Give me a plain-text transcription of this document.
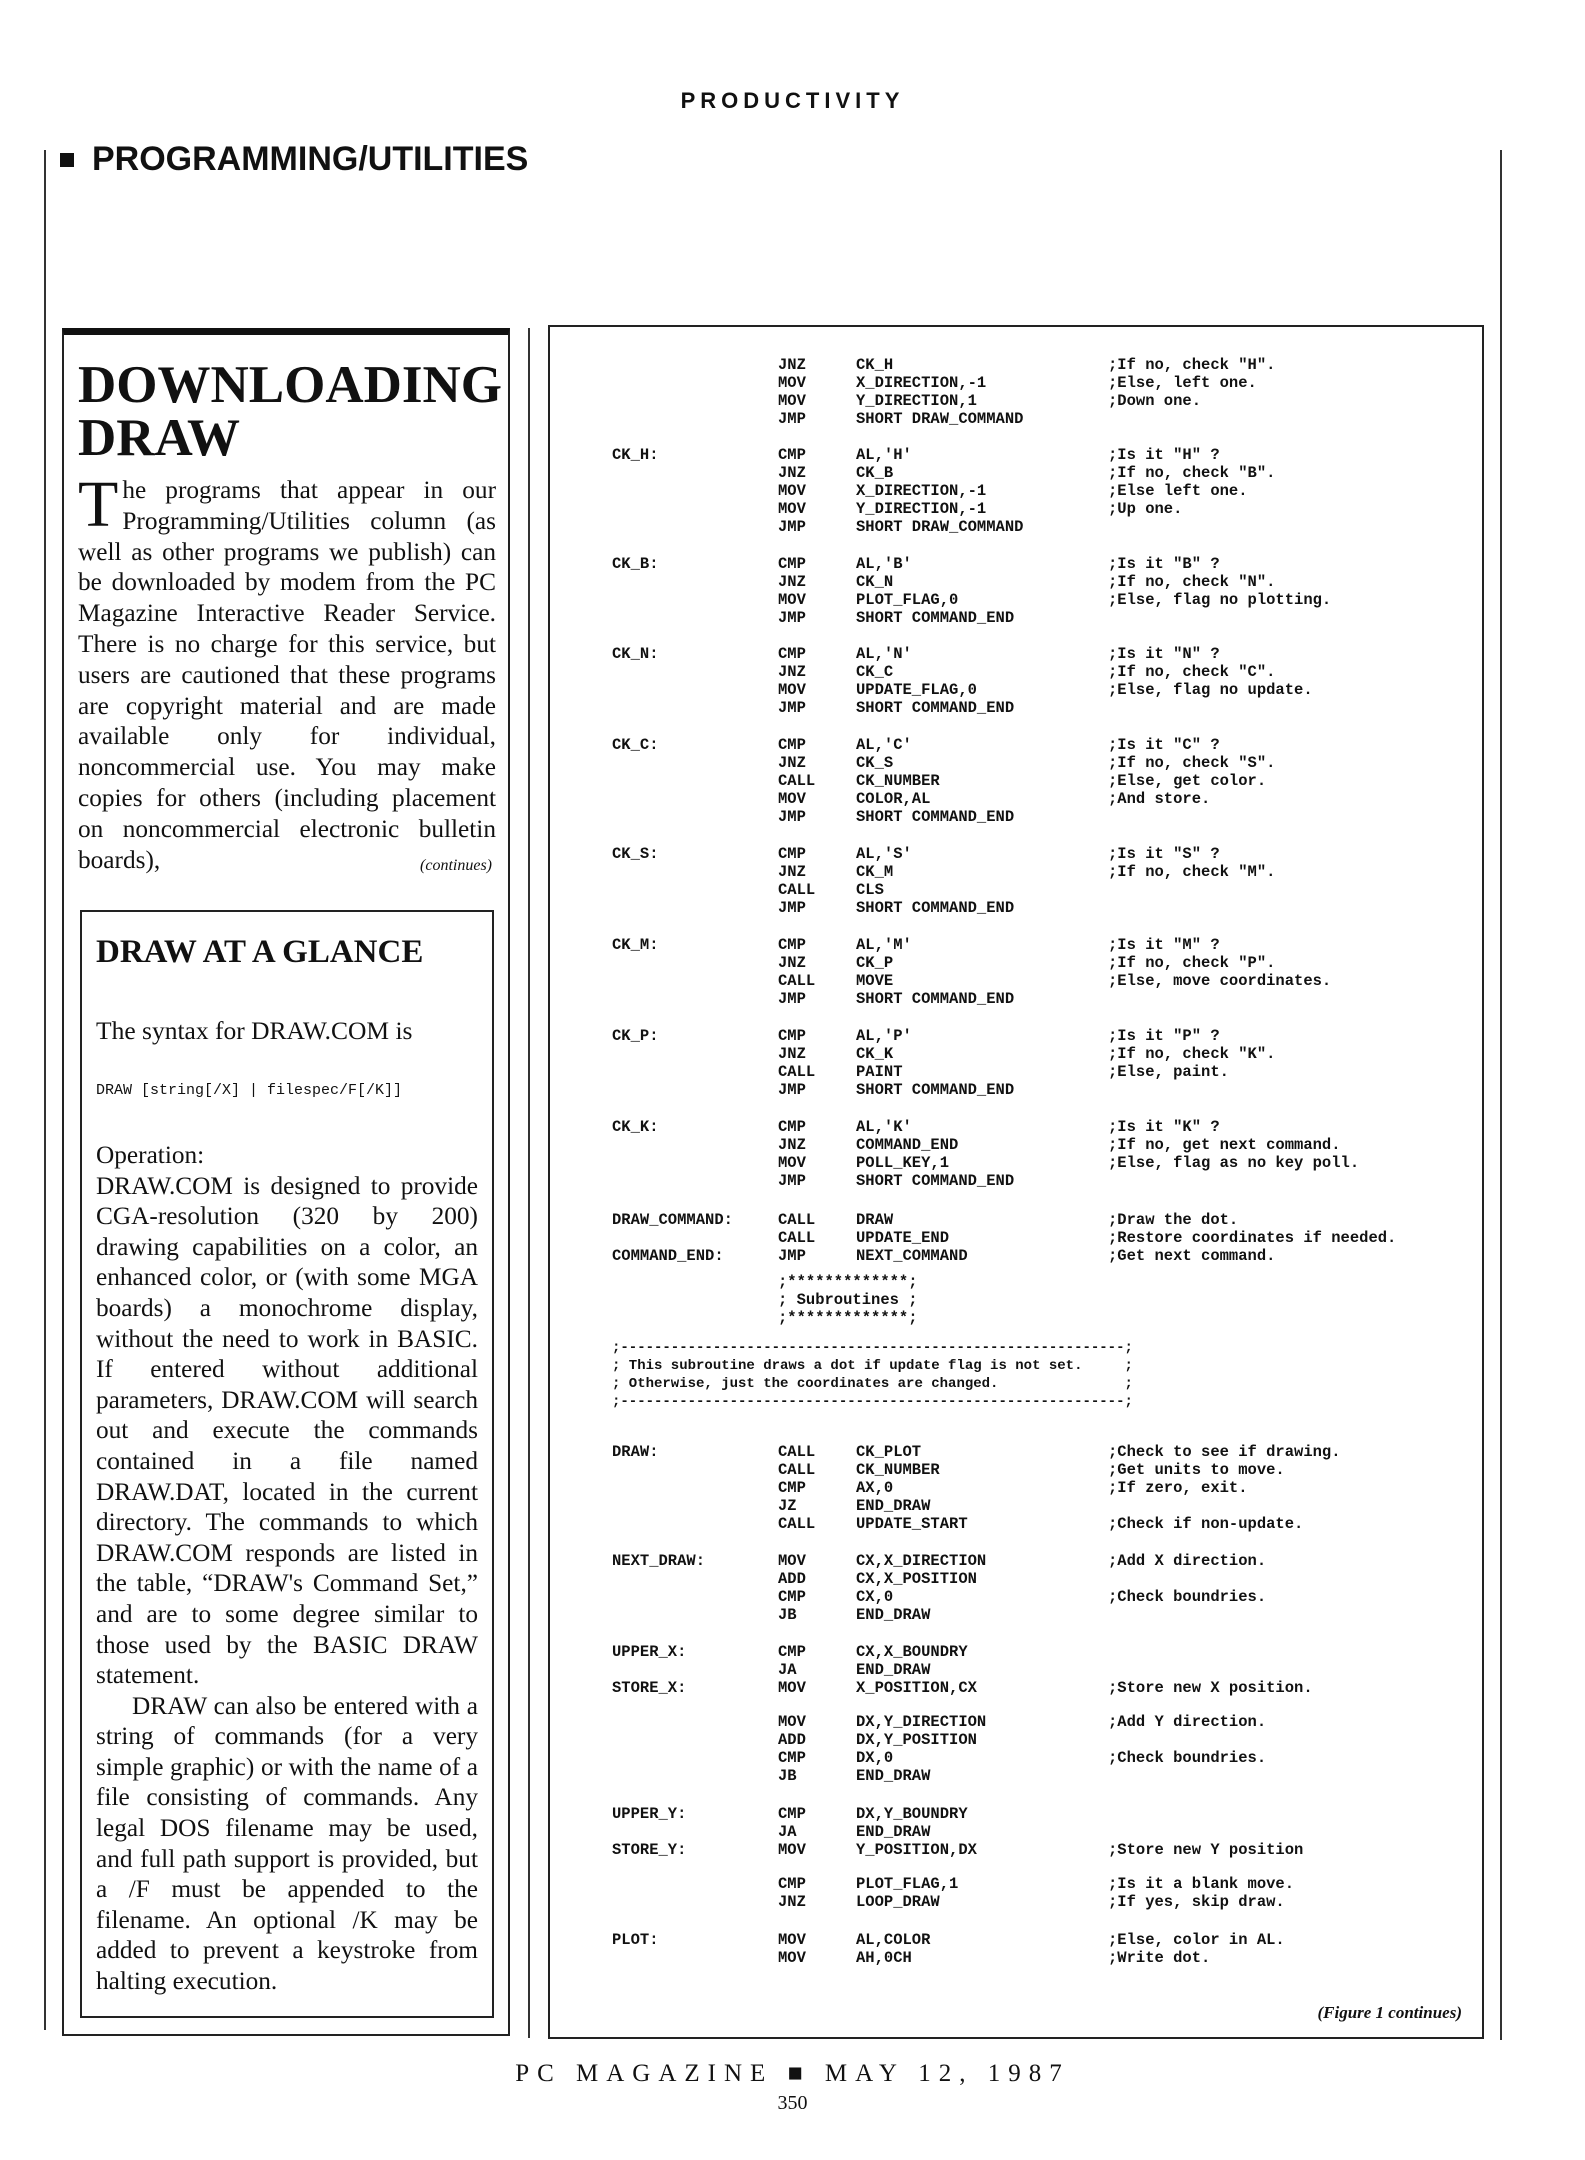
PRODUCTIVITY
PROGRAMMING/UTILITIES
DOWNLOADING DRAW
The programs that appear in our Programming/Utilities column (as well as other programs we publish) can be downloaded by modem from the PC Magazine Interactive Reader Service. There is no charge for this service, but users are cautioned that these programs are copyright material and are made available only for individual, noncommercial use. You may make copies for others (including placement on noncommercial electronic bulletin boards),	(continues)
DRAW AT A GLANCE
The syntax for DRAW.COM is
DRAW [string[/X] | filespec/F[/K]]

Operation:

DRAW.COM is designed to provide CGA-resolution (320 by 200) drawing capabilities on a color, an enhanced color, or (with some MGA boards) a monochrome display, without the need to work in BASIC. If entered without additional parameters, DRAW.COM will search out and execute the commands contained in a file named DRAW.DAT, located in the current directory. The commands to which DRAW.COM responds are listed in the table, “DRAW's Command Set,” and are to some degree similar to those used by the BASIC DRAW statement.

DRAW can also be entered with a string of commands (for a very simple graphic) or with the name of a file consisting of commands. Any legal DOS filename may be used, and full path support is provided, but a /F must be appended to the filename. An optional /K may be added to prevent a keystroke from halting execution.

JNZ	CK_H	;If no, check "H".
MOV	X_DIRECTION,-1	;Else, left one.
MOV	Y_DIRECTION,1	;Down one.
JMP	SHORT DRAW_COMMAND
CK_H:	CMP	AL,'H'	;Is it "H" ?
JNZ	CK_B	;If no, check "B".
MOV	X_DIRECTION,-1	;Else left one.
MOV	Y_DIRECTION,-1	;Up one.
JMP	SHORT DRAW_COMMAND
CK_B:	CMP	AL,'B'	;Is it "B" ?
JNZ	CK_N	;If no, check "N".
MOV	PLOT_FLAG,0	;Else, flag no plotting.
JMP	SHORT COMMAND_END
CK_N:	CMP	AL,'N'	;Is it "N" ?
JNZ	CK_C	;If no, check "C".
MOV	UPDATE_FLAG,0	;Else, flag no update.
JMP	SHORT COMMAND_END
CK_C:	CMP	AL,'C'	;Is it "C" ?
JNZ	CK_S	;If no, check "S".
CALL	CK_NUMBER	;Else, get color.
MOV	COLOR,AL	;And store.
JMP	SHORT COMMAND_END
CK_S:	CMP	AL,'S'	;Is it "S" ?
JNZ	CK_M	;If no, check "M".
CALL	CLS
JMP	SHORT COMMAND_END
CK_M:	CMP	AL,'M'	;Is it "M" ?
JNZ	CK_P	;If no, check "P".
CALL	MOVE	;Else, move coordinates.
JMP	SHORT COMMAND_END
CK_P:	CMP	AL,'P'	;Is it "P" ?
JNZ	CK_K	;If no, check "K".
CALL	PAINT	;Else, paint.
JMP	SHORT COMMAND_END
CK_K:	CMP	AL,'K'	;Is it "K" ?
JNZ	COMMAND_END	;If no, get next command.
MOV	POLL_KEY,1	;Else, flag as no key poll.
JMP	SHORT COMMAND_END
DRAW_COMMAND:	CALL	DRAW	;Draw the dot.
CALL	UPDATE_END	;Restore coordinates if needed.
COMMAND_END:	JMP	NEXT_COMMAND	;Get next command.
;*************;
; Subroutines ;
;*************;
;------------------------------------------------------------;
; This subroutine draws a dot if update flag is not set.     ;
; Otherwise, just the coordinates are changed.               ;
;------------------------------------------------------------;
DRAW:	CALL	CK_PLOT	;Check to see if drawing.
CALL	CK_NUMBER	;Get units to move.
CMP	AX,0	;If zero, exit.
JZ	END_DRAW
CALL	UPDATE_START	;Check if non-update.
NEXT_DRAW:	MOV	CX,X_DIRECTION	;Add X direction.
ADD	CX,X_POSITION
CMP	CX,0	;Check boundries.
JB	END_DRAW
UPPER_X:	CMP	CX,X_BOUNDRY
JA	END_DRAW
STORE_X:	MOV	X_POSITION,CX	;Store new X position.
MOV	DX,Y_DIRECTION	;Add Y direction.
ADD	DX,Y_POSITION
CMP	DX,0	;Check boundries.
JB	END_DRAW
UPPER_Y:	CMP	DX,Y_BOUNDRY
JA	END_DRAW
STORE_Y:	MOV	Y_POSITION,DX	;Store new Y position
CMP	PLOT_FLAG,1	;Is it a blank move.
JNZ	LOOP_DRAW	;If yes, skip draw.
PLOT:	MOV	AL,COLOR	;Else, color in AL.
MOV	AH,0CH	;Write dot.
(Figure 1 continues)
PC MAGAZINE ■ MAY 12, 1987
350
